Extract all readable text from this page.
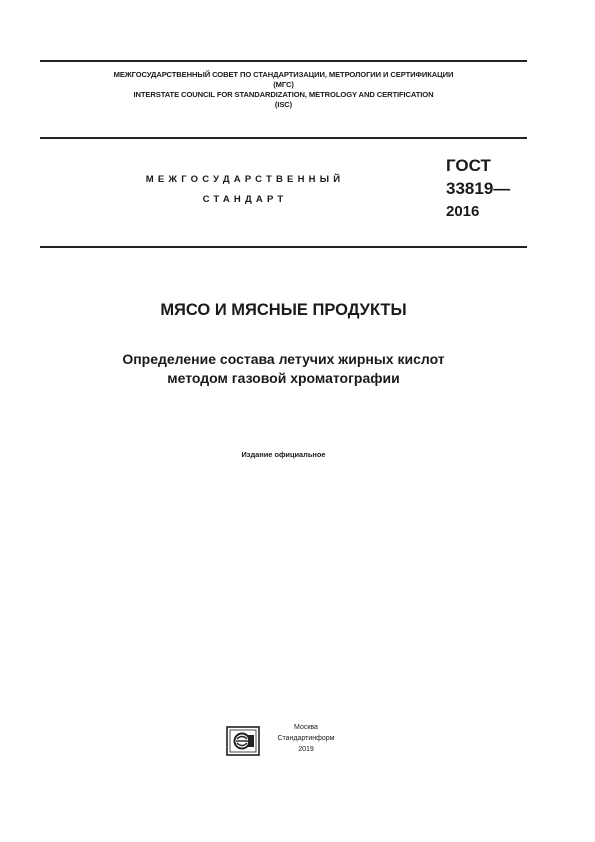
МЕЖГОСУДАРСТВЕННЫЙ СОВЕТ ПО СТАНДАРТИЗАЦИИ, МЕТРОЛОГИИ И СЕРТИФИКАЦИИ
(МГС)
INTERSTATE COUNCIL FOR STANDARDIZATION, METROLOGY AND CERTIFICATION
(ISC)
МЕЖГОСУДАРСТВЕННЫЙ
СТАНДАРТ
ГОСТ
33819—
2016
МЯСО И МЯСНЫЕ ПРОДУКТЫ
Определение состава летучих жирных кислот
методом газовой хроматографии
Издание официальное
Москва
Стандартинформ
2019
